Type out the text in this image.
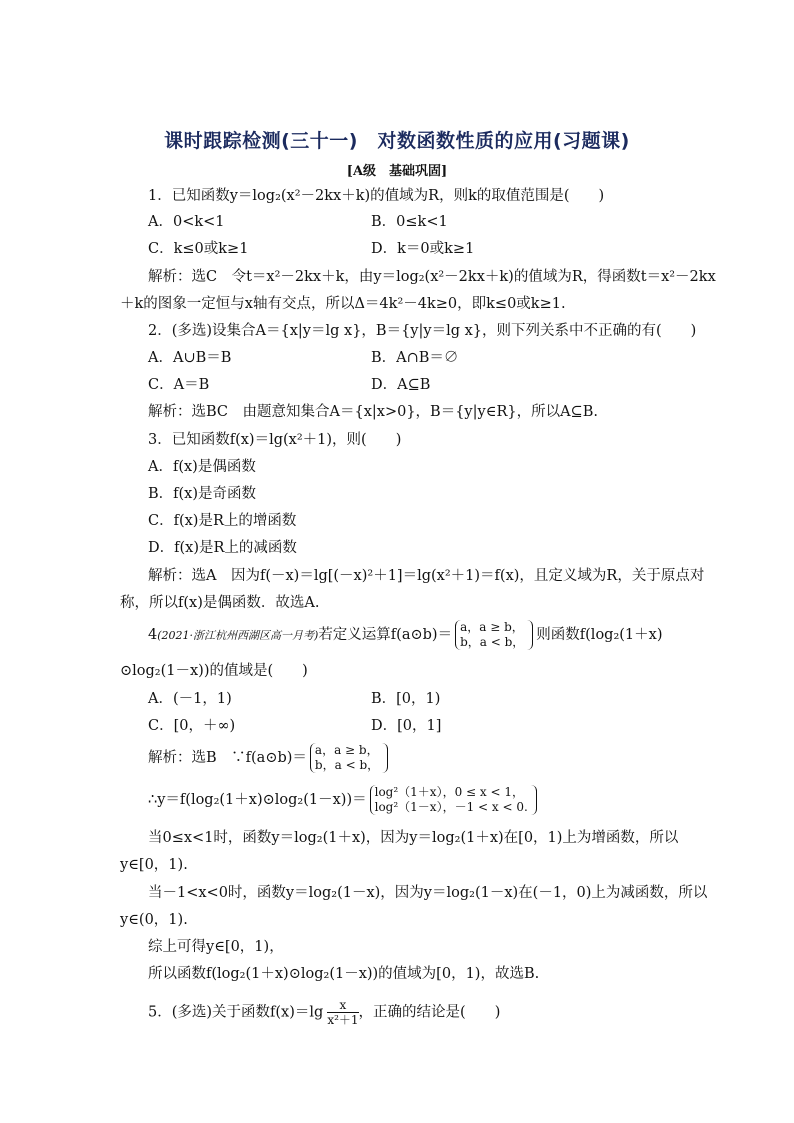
课时跟踪检测(三十一)　对数函数性质的应用(习题课)
[A级　基础巩固]
1．已知函数y＝log₂(x²－2kx＋k)的值域为R，则k的取值范围是(　　)
A．0<k<1	B．0≤k<1
C．k≤0或k≥1	D．k＝0或k≥1
解析：选C　令t＝x²－2kx＋k，由y＝log₂(x²－2kx＋k)的值域为R，得函数t＝x²－2kx
＋k的图象一定恒与x轴有交点，所以Δ＝4k²－4k≥0，即k≤0或k≥1.
2．(多选)设集合A＝{x|y＝lg x}，B＝{y|y＝lg x}，则下列关系中不正确的有(　　)
A．A∪B＝B	B．A∩B＝∅
C．A＝B	D．A⊆B
解析：选BC　由题意知集合A＝{x|x>0}，B＝{y|y∈R}，所以A⊆B.
3．已知函数f(x)＝lg(x²＋1)，则(　　)
A．f(x)是偶函数
B．f(x)是奇函数
C．f(x)是R上的增函数
D．f(x)是R上的减函数
解析：选A　因为f(－x)＝lg[(－x)²＋1]＝lg(x²＋1)＝f(x)，且定义域为R，关于原点对
称，所以f(x)是偶函数．故选A.
4(2021·浙江杭州西湖区高一月考)若定义运算f(a⊙b)＝ a，a ≥ b，
b，a < b， 则函数f(log₂(1＋x)
⊙log₂(1－x))的值域是(　　)
A．(－1，1)	B．[0，1)
C．[0，＋∞)	D．[0，1]
解析：选B　∵f(a⊙b)＝ a，a ≥ b，
b，a < b，
∴y＝f(log₂(1＋x)⊙log₂(1－x))＝ log²（1＋x），0 ≤ x < 1，
log²（1－x），－1 < x < 0.
当0≤x<1时，函数y＝log₂(1＋x)，因为y＝log₂(1＋x)在[0，1)上为增函数，所以
y∈[0，1).
当－1<x<0时，函数y＝log₂(1－x)，因为y＝log₂(1－x)在(－1，0)上为减函数，所以
y∈(0，1).
综上可得y∈[0，1)，
所以函数f(log₂(1＋x)⊙log₂(1－x))的值域为[0，1)，故选B.
5．(多选)关于函数$f(x)=\lg \frac{x}{\text{x²＋1}}$ ，正确的结论是(　　)
